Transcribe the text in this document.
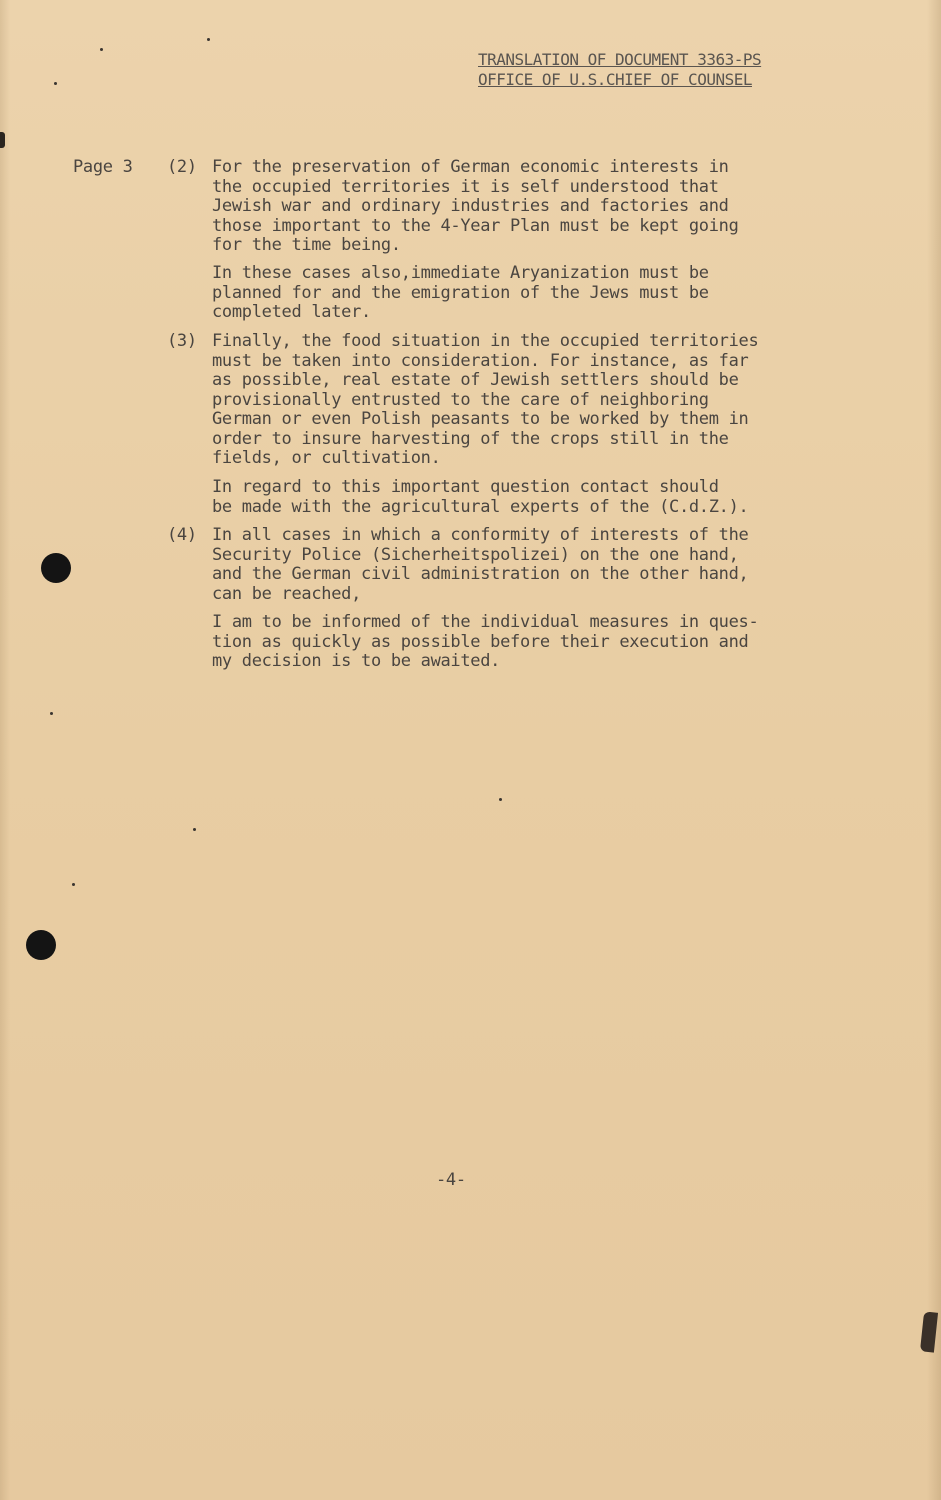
TRANSLATION OF DOCUMENT 3363-PS
OFFICE OF U.S.CHIEF OF COUNSEL
Page 3 (2) For the preservation of German economic interests in
the occupied territories it is self understood that
Jewish war and ordinary industries and factories and
those important to the 4-Year Plan must be kept going
for the time being.
In these cases also,immediate Aryanization must be
planned for and the emigration of the Jews must be
completed later.
(3) Finally, the food situation in the occupied territories
must be taken into consideration. For instance, as far
as possible, real estate of Jewish settlers should be
provisionally entrusted to the care of neighboring
German or even Polish peasants to be worked by them in
order to insure harvesting of the crops still in the
fields, or cultivation.
In regard to this important question contact should
be made with the agricultural experts of the (C.d.Z.).
(4) In all cases in which a conformity of interests of the
Security Police (Sicherheitspolizei) on the one hand,
and the German civil administration on the other hand,
can be reached,
I am to be informed of the individual measures in ques-
tion as quickly as possible before their execution and
my decision is to be awaited.
-4-
